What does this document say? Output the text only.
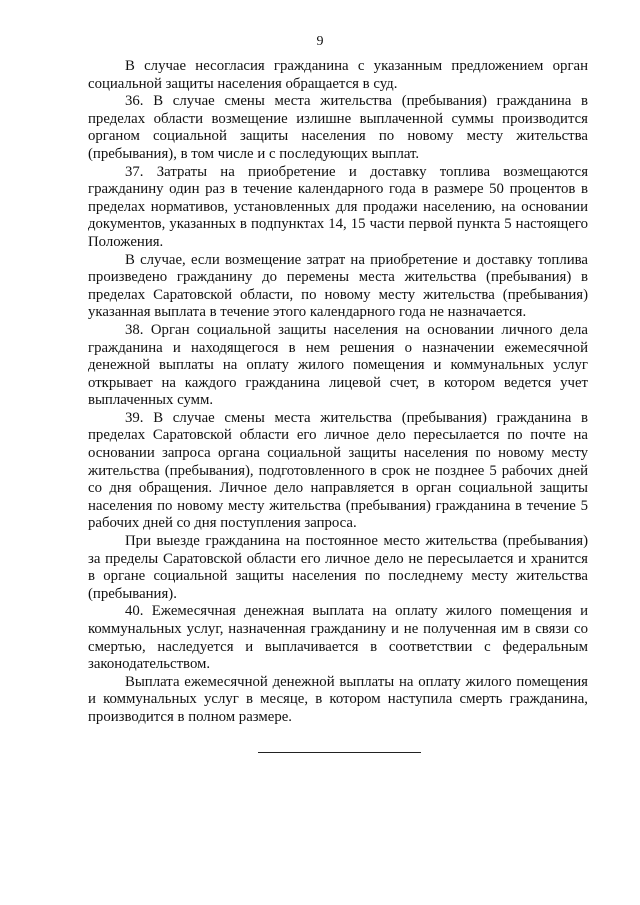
9

В случае несогласия гражданина с указанным предложением орган социальной защиты населения обращается в суд.

36. В случае смены места жительства (пребывания) гражданина в пределах области возмещение излишне выплаченной суммы производится органом социальной защиты населения по новому месту жительства (пребывания), в том числе и с последующих выплат.

37. Затраты на приобретение и доставку топлива возмещаются гражданину один раз в течение календарного года в размере 50 процентов в пределах нормативов, установленных для продажи населению, на основании документов, указанных в подпунктах 14, 15 части первой пункта 5 настоящего Положения.

В случае, если возмещение затрат на приобретение и доставку топлива произведено гражданину до перемены места жительства (пребывания) в пределах Саратовской области, по новому месту жительства (пребывания) указанная выплата в течение этого календарного года не назначается.

38. Орган социальной защиты населения на основании личного дела гражданина и находящегося в нем решения о назначении ежемесячной денежной выплаты на оплату жилого помещения и коммунальных услуг открывает на каждого гражданина лицевой счет, в котором ведется учет выплаченных сумм.

39. В случае смены места жительства (пребывания) гражданина в пределах Саратовской области его личное дело пересылается по почте на основании запроса органа социальной защиты населения по новому месту жительства (пребывания), подготовленного в срок не позднее 5 рабочих дней со дня обращения. Личное дело направляется в орган социальной защиты населения по новому месту жительства (пребывания) гражданина в течение 5 рабочих дней со дня поступления запроса.

При выезде гражданина на постоянное место жительства (пребывания) за пределы Саратовской области его личное дело не пересылается и хранится в органе социальной защиты населения по последнему месту жительства (пребывания).

40. Ежемесячная денежная выплата на оплату жилого помещения и коммунальных услуг, назначенная гражданину и не полученная им в связи со смертью, наследуется и выплачивается в соответствии с федеральным законодательством.

Выплата ежемесячной денежной выплаты на оплату жилого помещения и коммунальных услуг в месяце, в котором наступила смерть гражданина, производится в полном размере.
